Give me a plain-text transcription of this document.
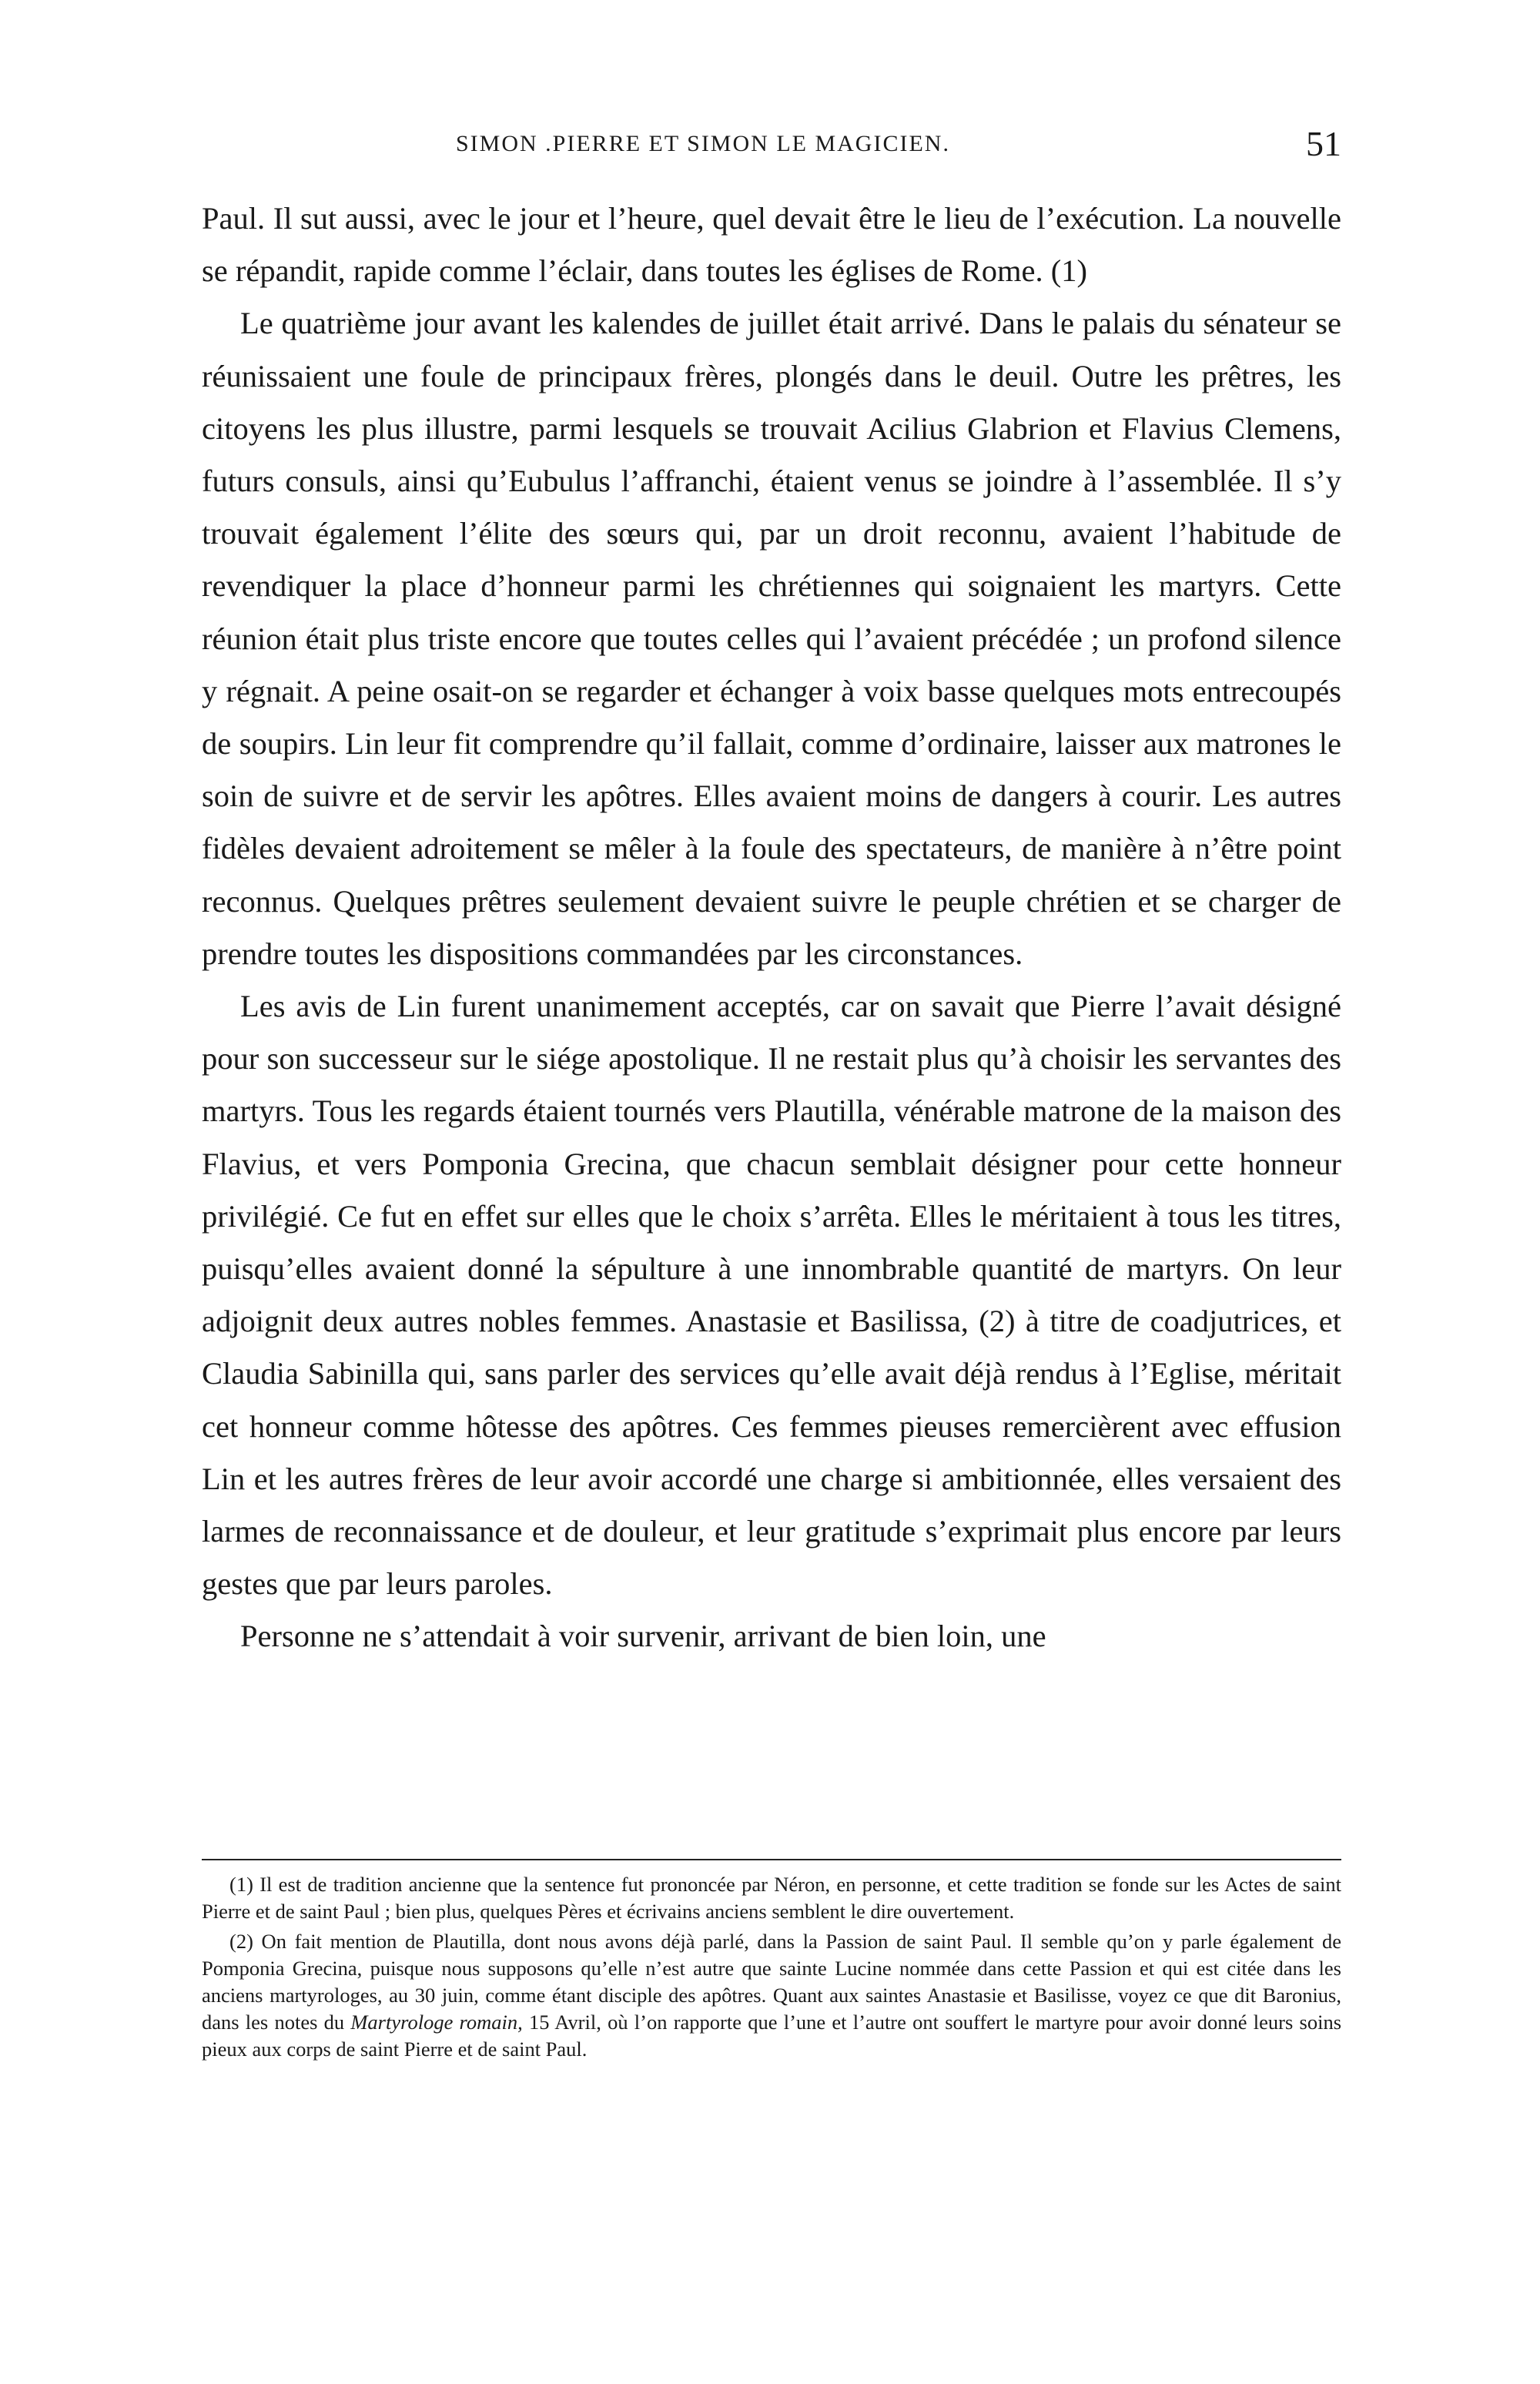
SIMON .PIERRE ET SIMON LE MAGICIEN.	51

Paul. Il sut aussi, avec le jour et l’heure, quel devait être le lieu de l’exécution. La nouvelle se répandit, rapide comme l’éclair, dans toutes les églises de Rome. (1)

Le quatrième jour avant les kalendes de juillet était arrivé. Dans le palais du sénateur se réunissaient une foule de principaux frères, plongés dans le deuil. Outre les prêtres, les citoyens les plus illustre, parmi lesquels se trouvait Acilius Glabrion et Flavius Clemens, futurs consuls, ainsi qu’Eubulus l’affranchi, étaient venus se joindre à l’assemblée. Il s’y trouvait également l’élite des sœurs qui, par un droit reconnu, avaient l’habitude de revendiquer la place d’honneur parmi les chrétiennes qui soignaient les martyrs. Cette réunion était plus triste encore que toutes celles qui l’avaient précédée ; un profond silence y régnait. A peine osait-on se regarder et échanger à voix basse quelques mots entrecoupés de soupirs. Lin leur fit comprendre qu’il fallait, comme d’ordinaire, laisser aux matrones le soin de suivre et de servir les apôtres. Elles avaient moins de dangers à courir. Les autres fidèles devaient adroitement se mêler à la foule des spectateurs, de manière à n’être point reconnus. Quelques prêtres seulement devaient suivre le peuple chrétien et se charger de prendre toutes les dispositions commandées par les circonstances.

Les avis de Lin furent unanimement acceptés, car on savait que Pierre l’avait désigné pour son successeur sur le siége apostolique. Il ne restait plus qu’à choisir les servantes des martyrs. Tous les regards étaient tournés vers Plautilla, vénérable matrone de la maison des Flavius, et vers Pomponia Grecina, que chacun semblait désigner pour cette honneur privilégié. Ce fut en effet sur elles que le choix s’arrêta. Elles le méritaient à tous les titres, puisqu’elles avaient donné la sépulture à une innombrable quantité de martyrs. On leur adjoignit deux autres nobles femmes. Anastasie et Basilissa, (2) à titre de coadjutrices, et Claudia Sabinilla qui, sans parler des services qu’elle avait déjà rendus à l’Eglise, méritait cet honneur comme hôtesse des apôtres. Ces femmes pieuses remercièrent avec effusion Lin et les autres frères de leur avoir accordé une charge si ambitionnée, elles versaient des larmes de reconnaissance et de douleur, et leur gratitude s’exprimait plus encore par leurs gestes que par leurs paroles.

Personne ne s’attendait à voir survenir, arrivant de bien loin, une

(1) Il est de tradition ancienne que la sentence fut prononcée par Néron, en personne, et cette tradition se fonde sur les Actes de saint Pierre et de saint Paul ; bien plus, quelques Pères et écrivains anciens semblent le dire ouvertement.

(2) On fait mention de Plautilla, dont nous avons déjà parlé, dans la Passion de saint Paul. Il semble qu’on y parle également de Pomponia Grecina, puisque nous supposons qu’elle n’est autre que sainte Lucine nommée dans cette Passion et qui est citée dans les anciens martyrologes, au 30 juin, comme étant disciple des apôtres. Quant aux saintes Anastasie et Basilisse, voyez ce que dit Baronius, dans les notes du Martyrologe romain, 15 Avril, où l’on rapporte que l’une et l’autre ont souffert le martyre pour avoir donné leurs soins pieux aux corps de saint Pierre et de saint Paul.
